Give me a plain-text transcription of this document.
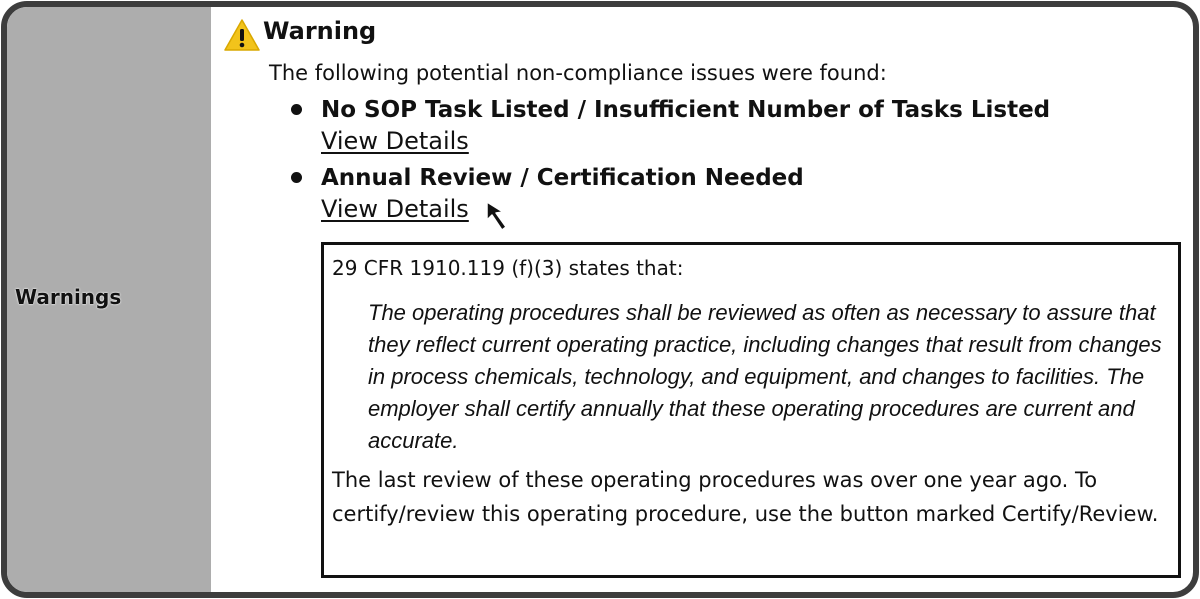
Warnings
Warning
The following potential non-compliance issues were found:
No SOP Task Listed / Insufficient Number of Tasks Listed
View Details
Annual Review / Certification Needed
View Details
29 CFR 1910.119 (f)(3) states that:
The operating procedures shall be reviewed as often as necessary to assure that they reflect current operating practice, including changes that result from changes in process chemicals, technology, and equipment, and changes to facilities. The employer shall certify annually that these operating procedures are current and accurate.
The last review of these operating procedures was over one year ago. To certify/review this operating procedure, use the button marked Certify/Review.
